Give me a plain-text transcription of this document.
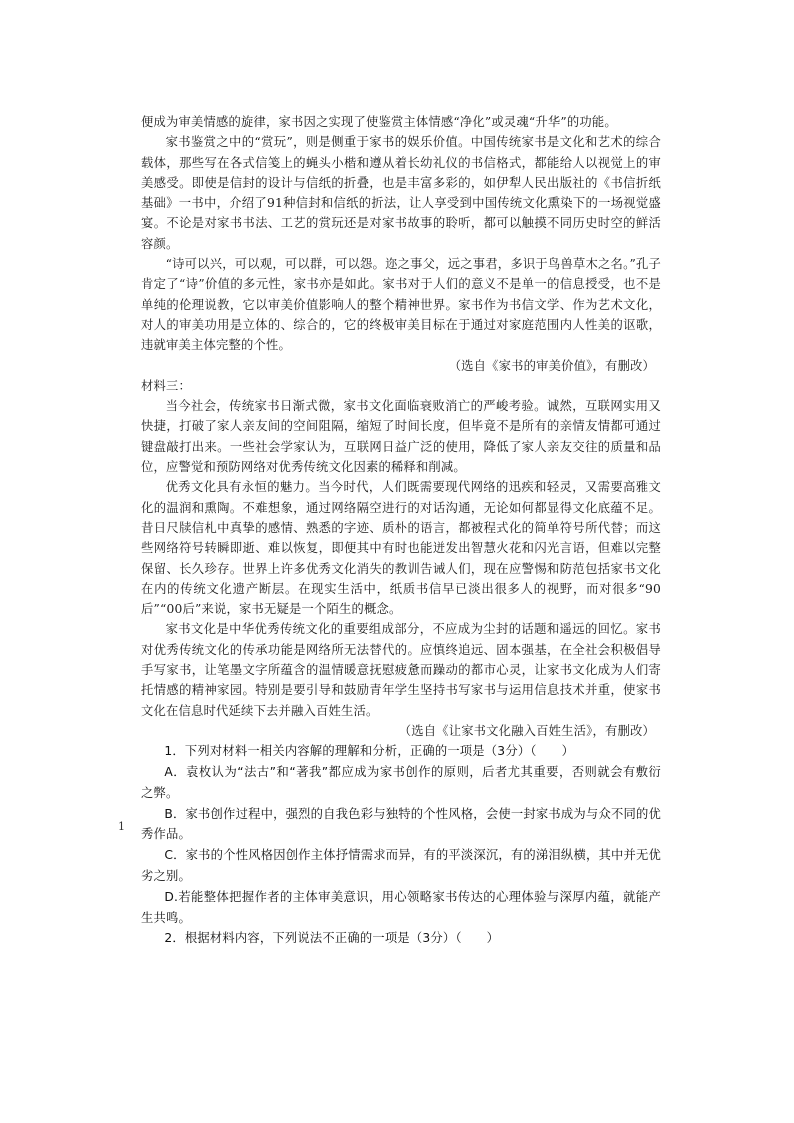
便成为审美情感的旋律，家书因之实现了使鉴赏主体情感“净化”或灵魂“升华”的功能。

家书鉴赏之中的“赏玩”，则是侧重于家书的娱乐价值。中国传统家书是文化和艺术的综合载体，那些写在各式信笺上的蝇头小楷和遵从着长幼礼仪的书信格式，都能给人以视觉上的审美感受。即使是信封的设计与信纸的折叠，也是丰富多彩的，如伊犁人民出版社的《书信折纸基础》一书中，介绍了91种信封和信纸的折法，让人享受到中国传统文化熏染下的一场视觉盛宴。不论是对家书书法、工艺的赏玩还是对家书故事的聆听，都可以触摸不同历史时空的鲜活容颜。

“诗可以兴，可以观，可以群，可以怨。迩之事父，远之事君，多识于鸟兽草木之名。”孔子肯定了“诗”价值的多元性，家书亦是如此。家书对于人们的意义不是单一的信息授受，也不是单纯的伦理说教，它以审美价值影响人的整个精神世界。家书作为书信文学、作为艺术文化，对人的审美功用是立体的、综合的，它的终极审美目标在于通过对家庭范围内人性美的讴歌，违就审美主体完整的个性。

（选自《家书的审美价值》，有删改）

材料三：

当今社会，传统家书日渐式微，家书文化面临衰败消亡的严峻考验。诚然，互联网实用又快捷，打破了家人亲友间的空间阻隔，缩短了时间长度，但毕竟不是所有的亲情友情都可通过键盘敲打出来。一些社会学家认为，互联网日益广泛的使用，降低了家人亲友交往的质量和品位，应警觉和预防网络对优秀传统文化因素的稀释和削减。

优秀文化具有永恒的魅力。当今时代，人们既需要现代网络的迅疾和轻灵，又需要高雅文化的温润和熏陶。不难想象，通过网络隔空进行的对话沟通，无论如何都显得文化底蕴不足。昔日尺牍信札中真挚的感情、熟悉的字迹、质朴的语言，都被程式化的简单符号所代替；而这些网络符号转瞬即逝、难以恢复，即便其中有时也能迸发出智慧火花和闪光言语，但难以完整保留、长久珍存。世界上许多优秀文化消失的教训告诫人们，现在应警惕和防范包括家书文化在内的传统文化遗产断层。在现实生活中，纸质书信早已淡出很多人的视野，而对很多“90后”“00后”来说，家书无疑是一个陌生的概念。

家书文化是中华优秀传统文化的重要组成部分，不应成为尘封的话题和遥远的回忆。家书对优秀传统文化的传承功能是网络所无法替代的。应慎终追远、固本强基，在全社会积极倡导手写家书，让笔墨文字所蕴含的温情暖意抚慰疲惫而躁动的都市心灵，让家书文化成为人们寄托情感的精神家园。特别是要引导和鼓励青年学生坚持书写家书与运用信息技术并重，使家书文化在信息时代延续下去并融入百姓生活。

（选自《让家书文化融入百姓生活》，有删改）

1．下列对材料一相关内容解的理解和分析，正确的一项是（3分）（　　）

A．袁枚认为“法古”和“著我”都应成为家书创作的原则，后者尤其重要，否则就会有敷衍之弊。

B．家书创作过程中，强烈的自我色彩与独特的个性风格，会使一封家书成为与众不同的优秀作品。

C．家书的个性风格因创作主体抒情需求而异，有的平淡深沉，有的涕泪纵横，其中并无优劣之别。

D.若能整体把握作者的主体审美意识，用心领略家书传达的心理体验与深厚内蕴，就能产生共鸣。

2．根据材料内容，下列说法不正确的一项是（3分）（　　）

1
